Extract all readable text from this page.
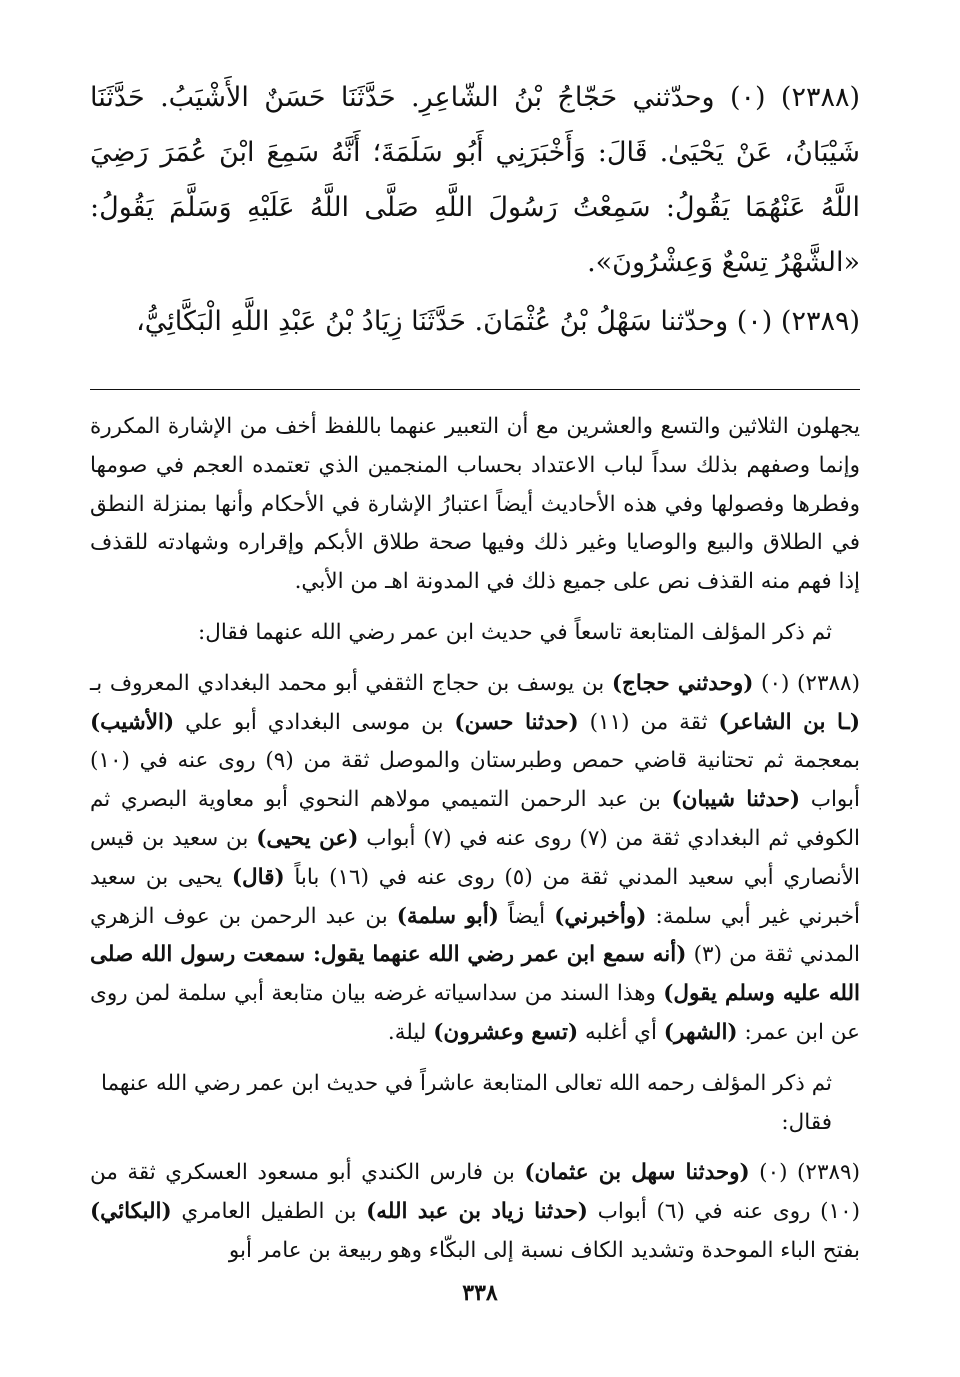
(٢٣٨٨) (٠) وحدّثني حَجّاجُ بْنُ الشّاعِرِ. حَدَّثَنَا حَسَنٌ الأَشْيَبُ. حَدَّثَنَا شَيْبَانُ، عَنْ يَحْيَىٰ. قَالَ: وَأَخْبَرَنِي أَبُو سَلَمَةَ؛ أَنَّهُ سَمِعَ ابْنَ عُمَرَ رَضِيَ اللَّهُ عَنْهُمَا يَقُولُ: سَمِعْتُ رَسُولَ اللَّهِ صَلَّى اللَّهُ عَلَيْهِ وَسَلَّمَ يَقُولُ: «الشَّهْرُ تِسْعٌ وَعِشْرُونَ».

(٢٣٨٩) (٠) وحدّثنا سَهْلُ بْنُ عُثْمَانَ. حَدَّثَنَا زِيَادُ بْنُ عَبْدِ اللَّهِ الْبَكَّائِيُّ،

يجهلون الثلاثين والتسع والعشرين مع أن التعبير عنهما باللفظ أخف من الإشارة المكررة وإنما وصفهم بذلك سداً لباب الاعتداد بحساب المنجمين الذي تعتمده العجم في صومها وفطرها وفصولها وفي هذه الأحاديث أيضاً اعتبارُ الإشارة في الأحكام وأنها بمنزلة النطق في الطلاق والبيع والوصايا وغير ذلك وفيها صحة طلاق الأبكم وإقراره وشهادته للقذف إذا فهم منه القذف نص على جميع ذلك في المدونة اهـ من الأبي.

ثم ذكر المؤلف المتابعة تاسعاً في حديث ابن عمر رضي الله عنهما فقال:

(٢٣٨٨) (٠) (وحدثني حجاج) بن يوسف بن حجاج الثقفي أبو محمد البغدادي المعروف بـ (ـا بن الشاعر) ثقة من (١١) (حدثنا حسن) بن موسى البغدادي أبو علي (الأشيب) بمعجمة ثم تحتانية قاضي حمص وطبرستان والموصل ثقة من (٩) روى عنه في (١٠) أبواب (حدثنا شيبان) بن عبد الرحمن التميمي مولاهم النحوي أبو معاوية البصري ثم الكوفي ثم البغدادي ثقة من (٧) روى عنه في (٧) أبواب (عن يحيى) بن سعيد بن قيس الأنصاري أبي سعيد المدني ثقة من (٥) روى عنه في (١٦) باباً (قال) يحيى بن سعيد أخبرني غير أبي سلمة: (وأخبرني) أيضاً (أبو سلمة) بن عبد الرحمن بن عوف الزهري المدني ثقة من (٣) (أنه سمع ابن عمر رضي الله عنهما يقول: سمعت رسول الله صلى الله عليه وسلم يقول) وهذا السند من سداسياته غرضه بيان متابعة أبي سلمة لمن روى عن ابن عمر: (الشهر) أي أغلبه (تسع وعشرون) ليلة.

ثم ذكر المؤلف رحمه الله تعالى المتابعة عاشراً في حديث ابن عمر رضي الله عنهما فقال:

(٢٣٨٩) (٠) (وحدثنا سهل بن عثمان) بن فارس الكندي أبو مسعود العسكري ثقة من (١٠) روى عنه في (٦) أبواب (حدثنا زياد بن عبد الله) بن الطفيل العامري (البكائي) بفتح الباء الموحدة وتشديد الكاف نسبة إلى البكّاء وهو ربيعة بن عامر أبو

٣٣٨
